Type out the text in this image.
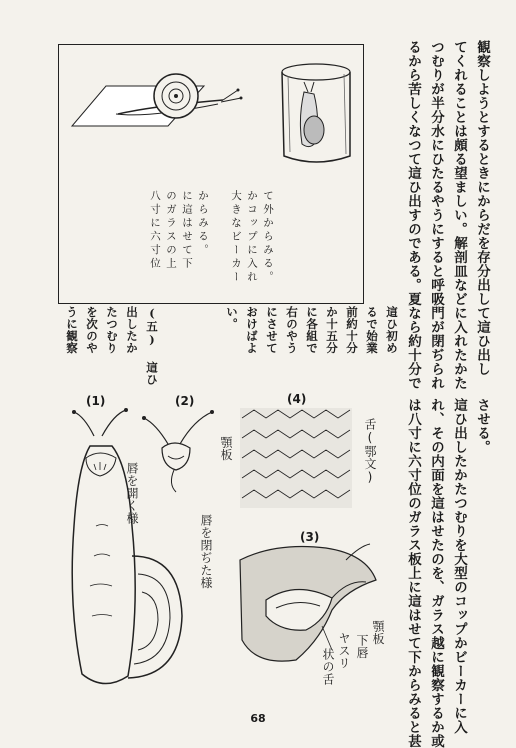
大きなビーカー かコップに入れ て外からみる。
八寸に六寸位 のガラスの上 に這はせて下 からみる。	観察しようとするときにからだを存分出して這ひ出し
てくれることは頗る望ましい。解剖皿などに入れたかた
つむりが半分水にひたるやうにすると呼吸門が閉ぢられ
るから苦しくなつて這ひ出すのである。夏なら約十分で
這ひ初め
るで始業
前約十分
か十五分
に各組で
右のやう
にさせて
おけばよ
い。
(五) 這ひ
出したか
たつむり
を次のや
うに観察
させる。
這ひ出したかたつむりを大型のコップかビーカーに入
れ、その内面を這はせたのを、ガラス越に観察するか或
は八寸に六寸位のガラス板上に這はせて下からみると甚
(1)	(2)	(4)
(3)
唇を開く様
顎板
唇を閉ぢた様
舌(鄂文)
顎板
下唇
ヤスリ
状の舌
68
